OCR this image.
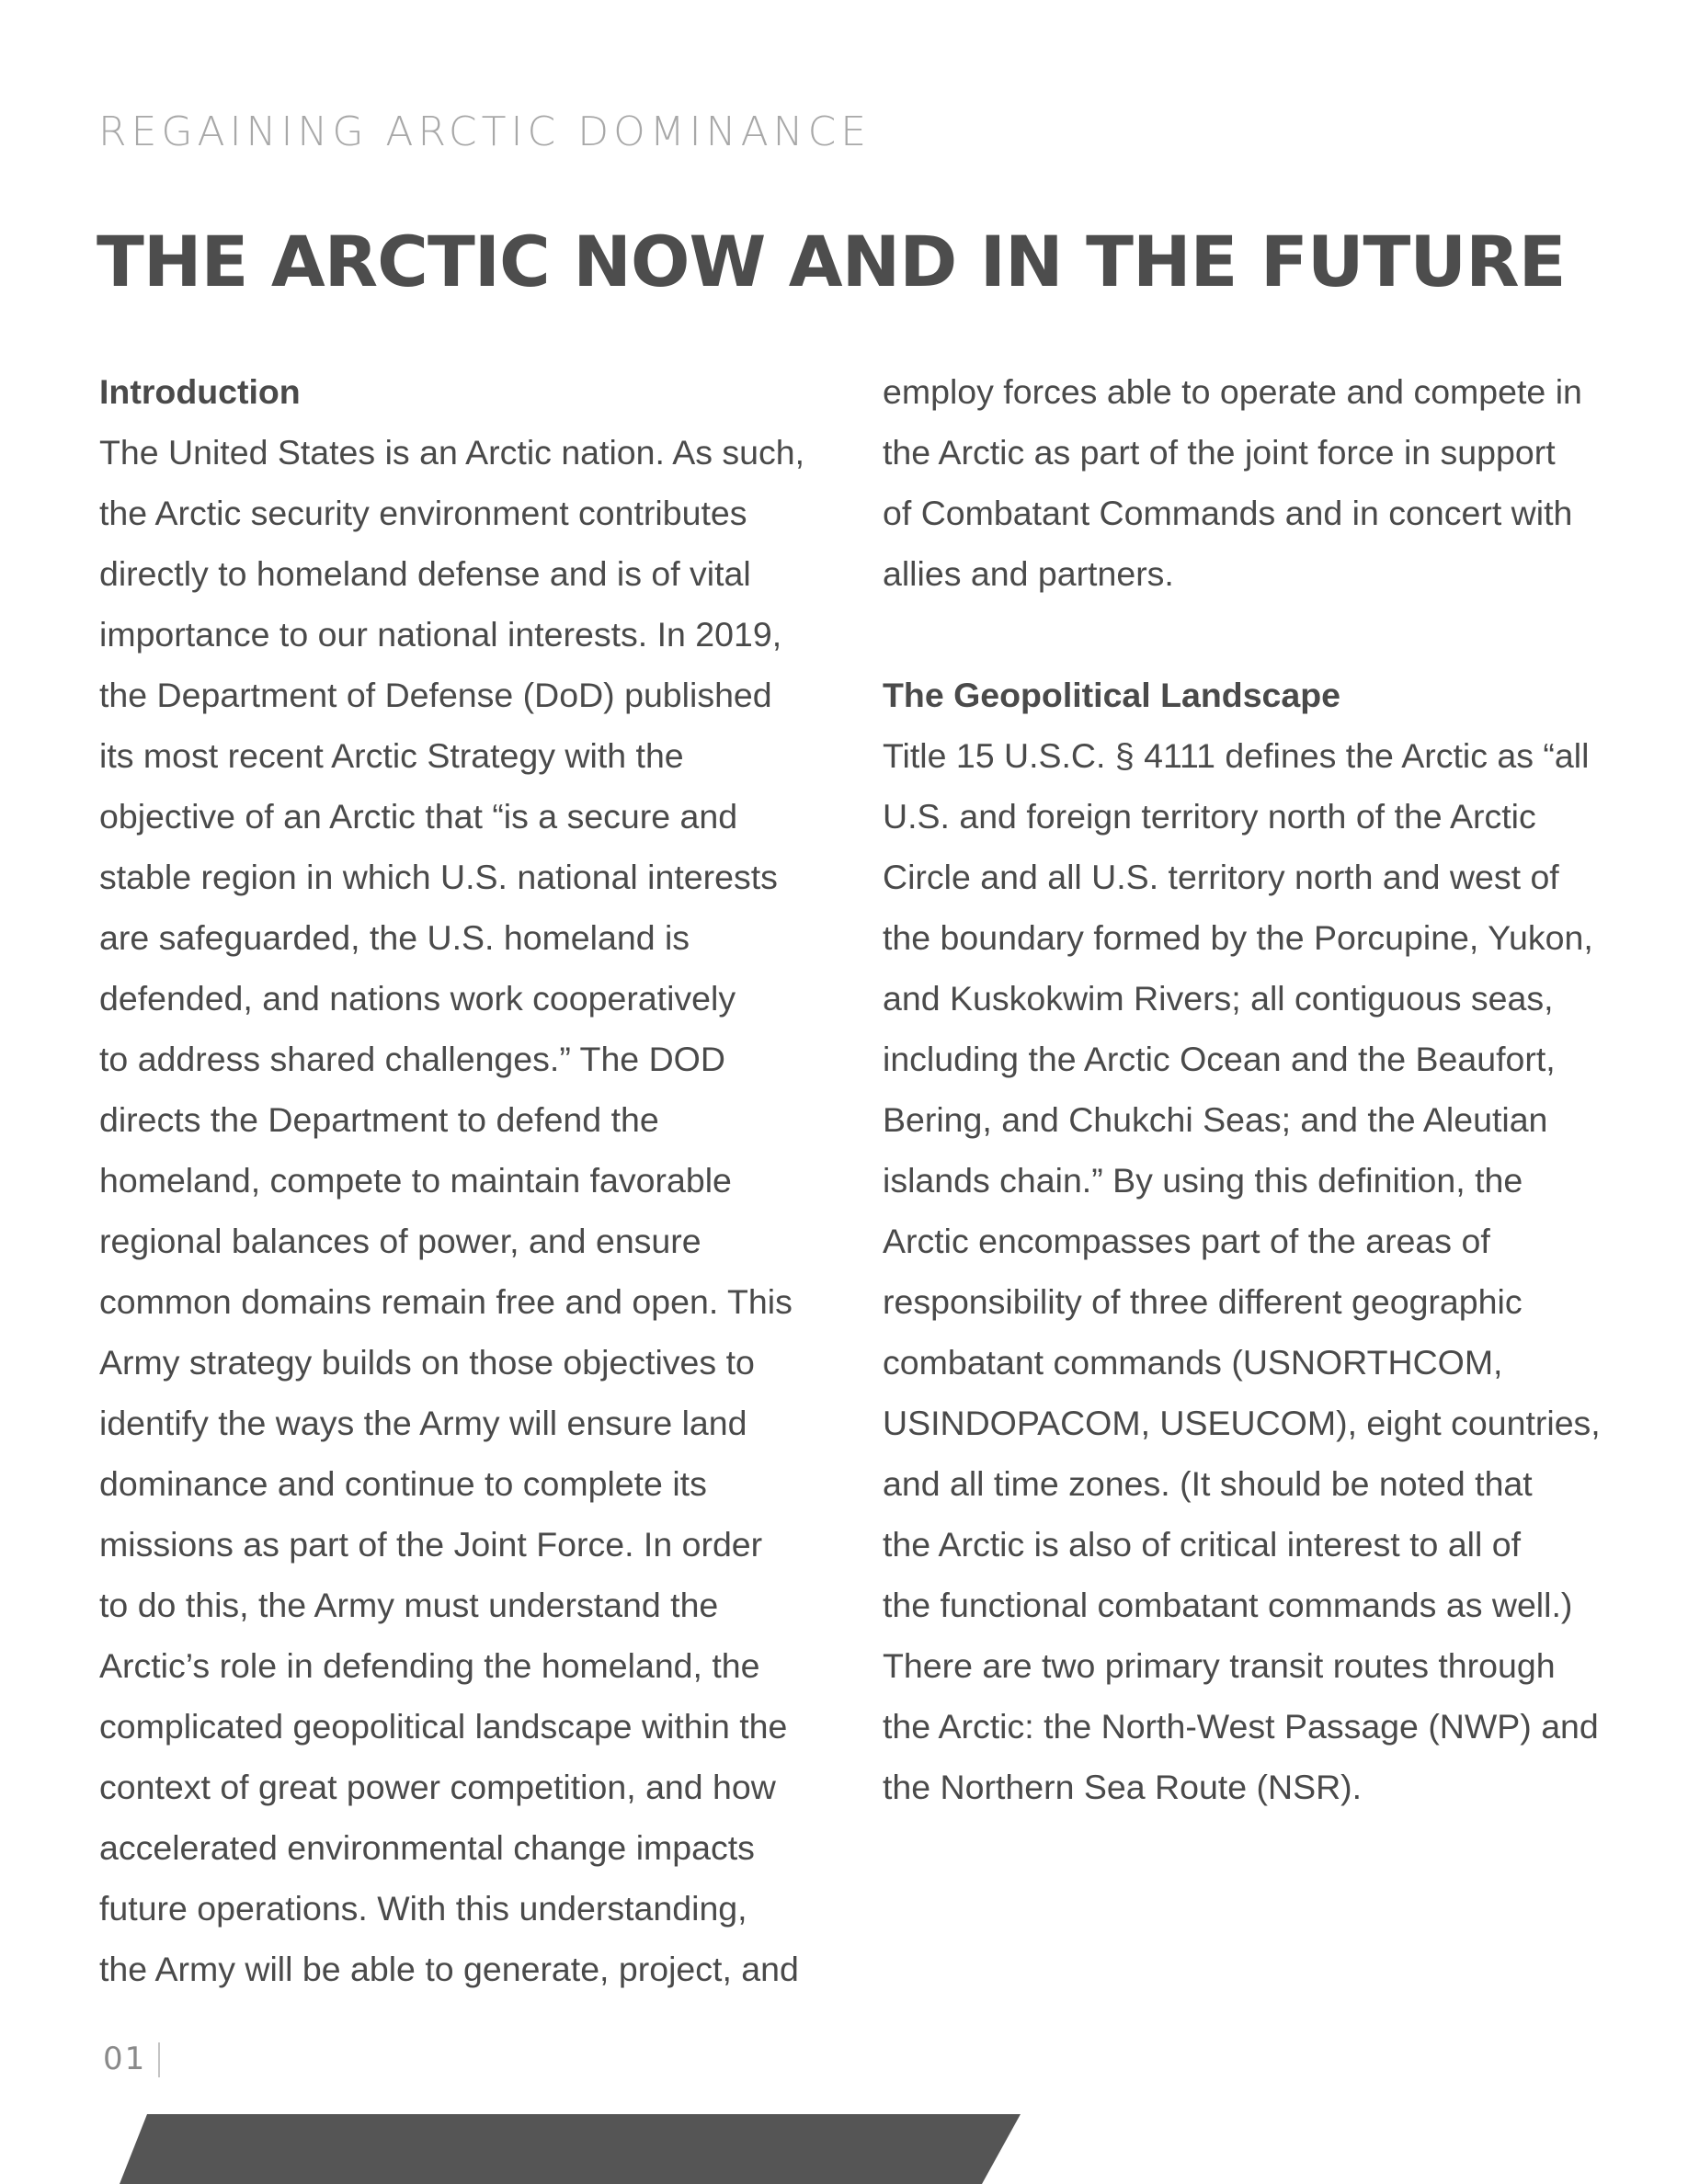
REGAINING ARCTIC DOMINANCE
THE ARCTIC NOW AND IN THE FUTURE
Introduction
The United States is an Arctic nation. As such,
the Arctic security environment contributes
directly to homeland defense and is of vital
importance to our national interests. In 2019,
the Department of Defense (DoD) published
its most recent Arctic Strategy with the
objective of an Arctic that “is a secure and
stable region in which U.S. national interests
are safeguarded, the U.S. homeland is
defended, and nations work cooperatively
to address shared challenges.” The DOD
directs the Department to defend the
homeland, compete to maintain favorable
regional balances of power, and ensure
common domains remain free and open. This
Army strategy builds on those objectives to
identify the ways the Army will ensure land
dominance and continue to complete its
missions as part of the Joint Force. In order
to do this, the Army must understand the
Arctic’s role in defending the homeland, the
complicated geopolitical landscape within the
context of great power competition, and how
accelerated environmental change impacts
future operations. With this understanding,
the Army will be able to generate, project, and
employ forces able to operate and compete in
the Arctic as part of the joint force in support
of Combatant Commands and in concert with
allies and partners.
The Geopolitical Landscape
Title 15 U.S.C. § 4111 defines the Arctic as “all
U.S. and foreign territory north of the Arctic
Circle and all U.S. territory north and west of
the boundary formed by the Porcupine, Yukon,
and Kuskokwim Rivers; all contiguous seas,
including the Arctic Ocean and the Beaufort,
Bering, and Chukchi Seas; and the Aleutian
islands chain.” By using this definition, the
Arctic encompasses part of the areas of
responsibility of three different geographic
combatant commands (USNORTHCOM,
USINDOPACOM, USEUCOM), eight countries,
and all time zones. (It should be noted that
the Arctic is also of critical interest to all of
the functional combatant commands as well.)
There are two primary transit routes through
the Arctic: the North-West Passage (NWP) and
the Northern Sea Route (NSR).
01
